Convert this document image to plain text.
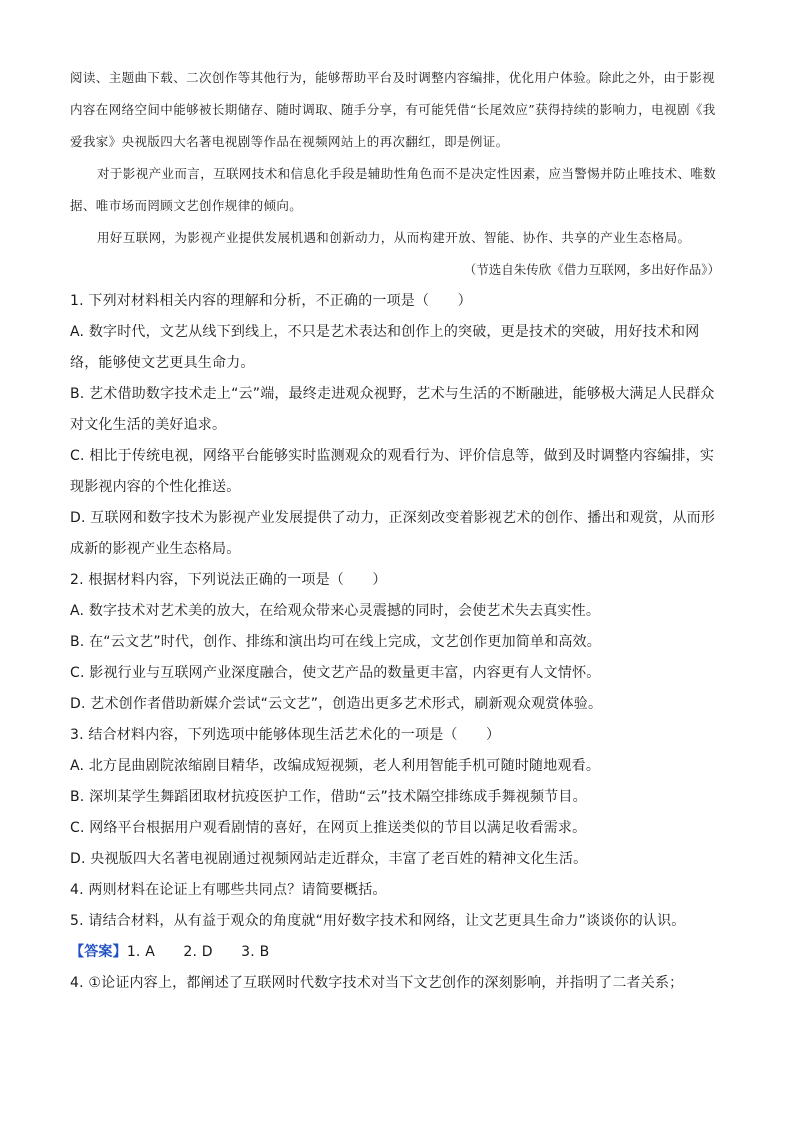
阅读、主题曲下载、二次创作等其他行为，能够帮助平台及时调整内容编排，优化用户体验。除此之外，由于影视内容在网络空间中能够被长期储存、随时调取、随手分享，有可能凭借“长尾效应”获得持续的影响力，电视剧《我爱我家》央视版四大名著电视剧等作品在视频网站上的再次翻红，即是例证。

对于影视产业而言，互联网技术和信息化手段是辅助性角色而不是决定性因素，应当警惕并防止唯技术、唯数据、唯市场而罔顾文艺创作规律的倾向。

用好互联网，为影视产业提供发展机遇和创新动力，从而构建开放、智能、协作、共享的产业生态格局。

（节选自朱传欣《借力互联网，多出好作品》）

1. 下列对材料相关内容的理解和分析，不正确的一项是（　　）

A. 数字时代，文艺从线下到线上，不只是艺术表达和创作上的突破，更是技术的突破，用好技术和网络，能够使文艺更具生命力。

B. 艺术借助数字技术走上“云”端，最终走进观众视野，艺术与生活的不断融进，能够极大满足人民群众对文化生活的美好追求。

C. 相比于传统电视，网络平台能够实时监测观众的观看行为、评价信息等，做到及时调整内容编排，实现影视内容的个性化推送。

D. 互联网和数字技术为影视产业发展提供了动力，正深刻改变着影视艺术的创作、播出和观赏，从而形成新的影视产业生态格局。

2. 根据材料内容，下列说法正确的一项是（　　）

A. 数字技术对艺术美的放大，在给观众带来心灵震撼的同时，会使艺术失去真实性。

B. 在“云文艺”时代，创作、排练和演出均可在线上完成，文艺创作更加简单和高效。

C. 影视行业与互联网产业深度融合，使文艺产品的数量更丰富，内容更有人文情怀。

D. 艺术创作者借助新媒介尝试“云文艺”，创造出更多艺术形式，刷新观众观赏体验。

3. 结合材料内容，下列选项中能够体现生活艺术化的一项是（　　）

A. 北方昆曲剧院浓缩剧目精华，改编成短视频，老人利用智能手机可随时随地观看。

B. 深圳某学生舞蹈团取材抗疫医护工作，借助“云”技术隔空排练成手舞视频节目。

C. 网络平台根据用户观看剧情的喜好，在网页上推送类似的节目以满足收看需求。

D. 央视版四大名著电视剧通过视频网站走近群众，丰富了老百姓的精神文化生活。

4. 两则材料在论证上有哪些共同点？请简要概括。

5. 请结合材料，从有益于观众的角度就“用好数字技术和网络，让文艺更具生命力”谈谈你的认识。

【答案】1. A　　2. D　　3. B

4. ①论证内容上，都阐述了互联网时代数字技术对当下文艺创作的深刻影响，并指明了二者关系；
